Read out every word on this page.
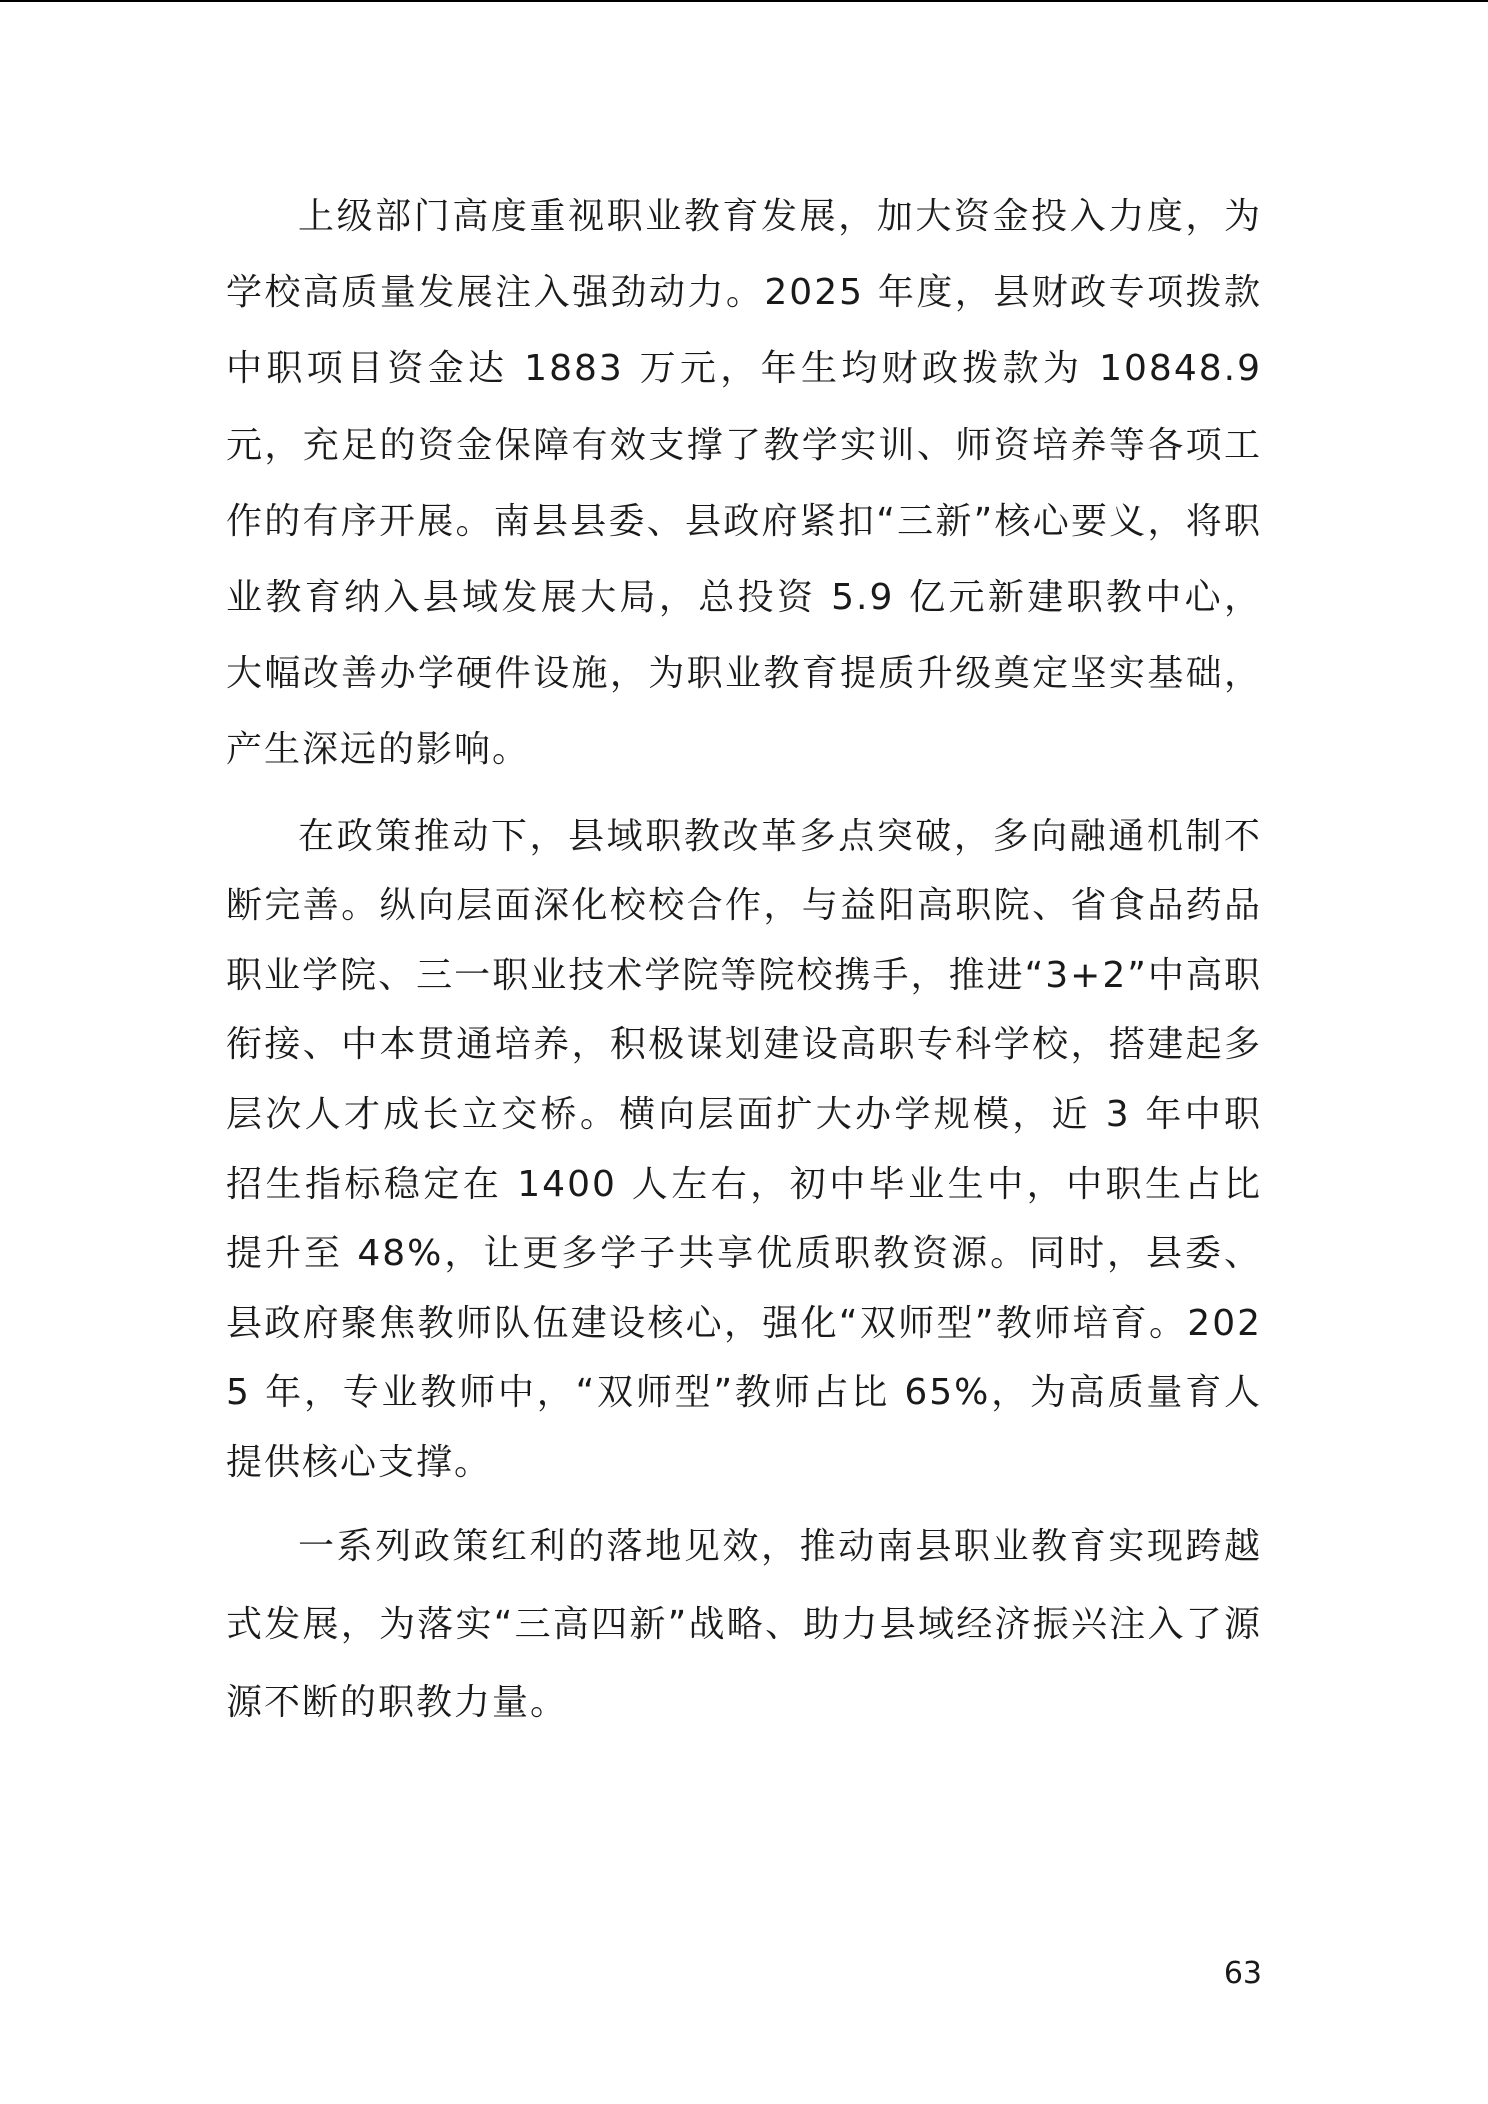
上级部门高度重视职业教育发展，加大资金投入力度，为学校高质量发展注入强劲动力。2025 年度，县财政专项拨款中职项目资金达 1883 万元，年生均财政拨款为 10848.9 元，充足的资金保障有效支撑了教学实训、师资培养等各项工作的有序开展。南县县委、县政府紧扣“三新”核心要义，将职业教育纳入县域发展大局，总投资 5.9 亿元新建职教中心，大幅改善办学硬件设施，为职业教育提质升级奠定坚实基础，产生深远的影响。

在政策推动下，县域职教改革多点突破，多向融通机制不断完善。纵向层面深化校校合作，与益阳高职院、省食品药品职业学院、三一职业技术学院等院校携手，推进“3+2”中高职衔接、中本贯通培养，积极谋划建设高职专科学校，搭建起多层次人才成长立交桥。横向层面扩大办学规模，近 3 年中职招生指标稳定在 1400 人左右，初中毕业生中，中职生占比提升至 48%，让更多学子共享优质职教资源。同时，县委、县政府聚焦教师队伍建设核心，强化“双师型”教师培育。2025 年，专业教师中，“双师型”教师占比 65%，为高质量育人提供核心支撑。

一系列政策红利的落地见效，推动南县职业教育实现跨越式发展，为落实“三高四新”战略、助力县域经济振兴注入了源源不断的职教力量。

63
